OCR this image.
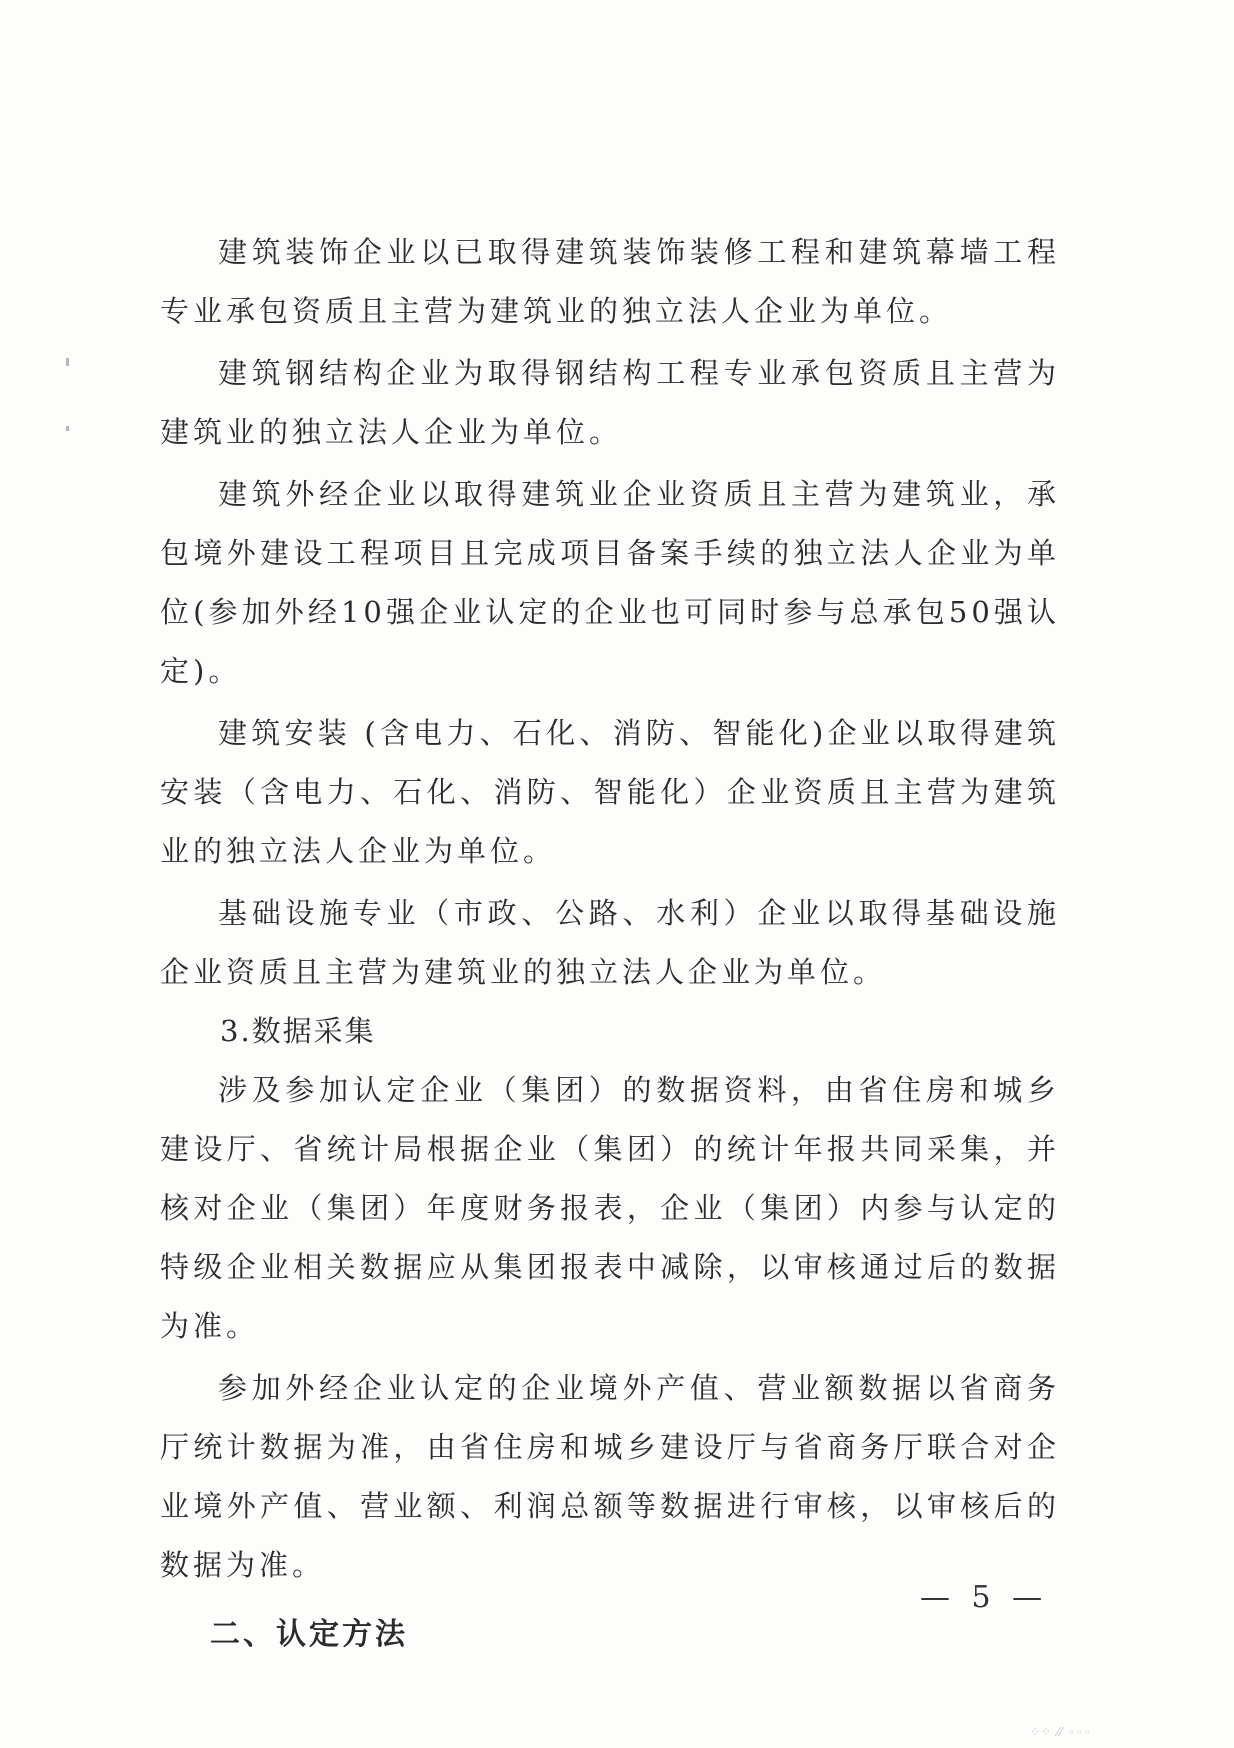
建筑装饰企业以已取得建筑装饰装修工程和建筑幕墙工程专业承包资质且主营为建筑业的独立法人企业为单位。

建筑钢结构企业为取得钢结构工程专业承包资质且主营为建筑业的独立法人企业为单位。

建筑外经企业以取得建筑业企业资质且主营为建筑业，承包境外建设工程项目且完成项目备案手续的独立法人企业为单位(参加外经10强企业认定的企业也可同时参与总承包50强认定)。

建筑安装 (含电力、石化、消防、智能化)企业以取得建筑安装（含电力、石化、消防、智能化）企业资质且主营为建筑业的独立法人企业为单位。

基础设施专业（市政、公路、水利）企业以取得基础设施企业资质且主营为建筑业的独立法人企业为单位。

3.数据采集

涉及参加认定企业（集团）的数据资料，由省住房和城乡建设厅、省统计局根据企业（集团）的统计年报共同采集，并核对企业（集团）年度财务报表，企业（集团）内参与认定的特级企业相关数据应从集团报表中减除，以审核通过后的数据为准。

参加外经企业认定的企业境外产值、营业额数据以省商务厅统计数据为准，由省住房和城乡建设厅与省商务厅联合对企业境外产值、营业额、利润总额等数据进行审核，以审核后的数据为准。

二、认定方法

— 5 —
⁘⁘ ⁄⁄ ◦◦◦
